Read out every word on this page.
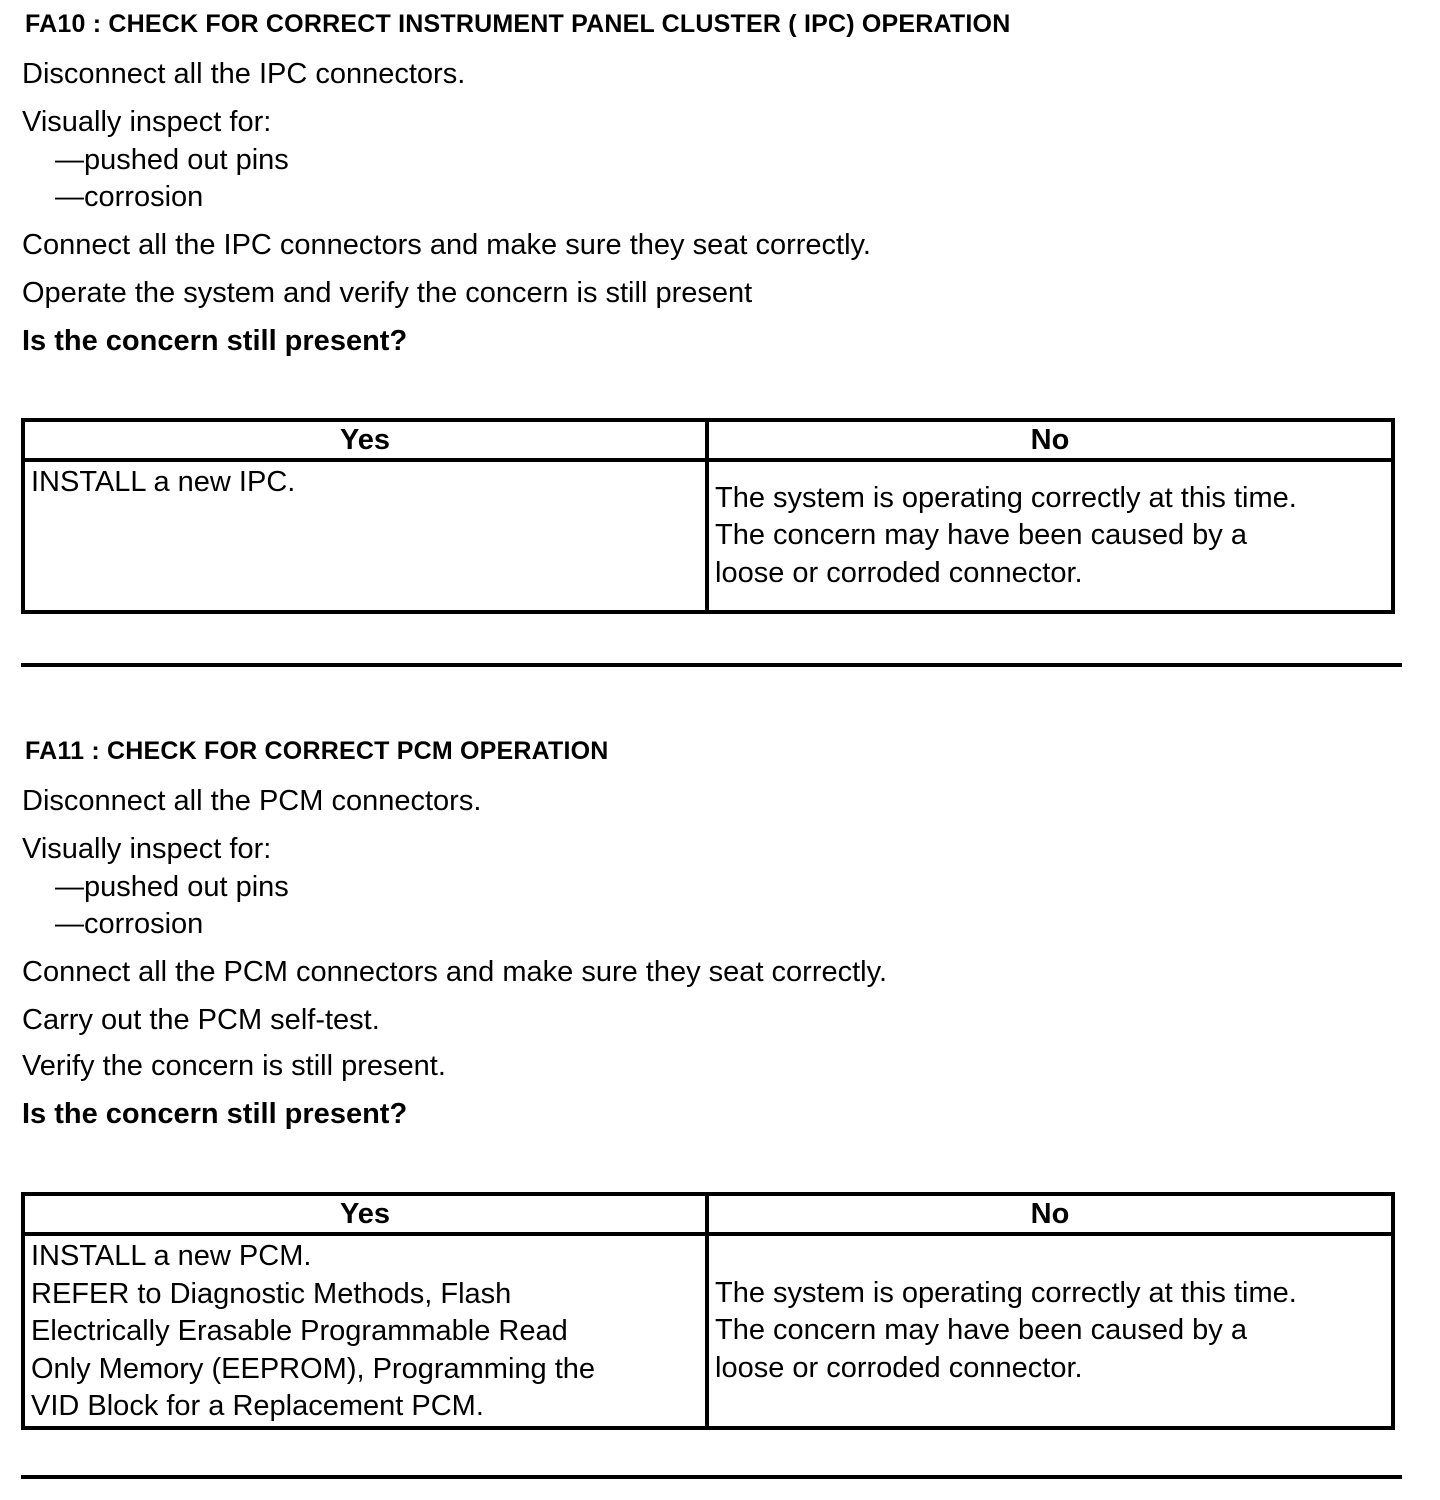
FA10 : CHECK FOR CORRECT INSTRUMENT PANEL CLUSTER ( IPC) OPERATION
Disconnect all the IPC connectors.
Visually inspect for:
—pushed out pins
—corrosion
Connect all the IPC connectors and make sure they seat correctly.
Operate the system and verify the concern is still present
Is the concern still present?
Yes	No

INSTALL a new IPC.	The system is operating correctly at this time.
The concern may have been caused by a
loose or corroded connector.
FA11 : CHECK FOR CORRECT PCM OPERATION
Disconnect all the PCM connectors.
Visually inspect for:
—pushed out pins
—corrosion
Connect all the PCM connectors and make sure they seat correctly.
Carry out the PCM self-test.
Verify the concern is still present.
Is the concern still present?
Yes	No

INSTALL a new PCM.
REFER to Diagnostic Methods, Flash
Electrically Erasable Programmable Read
Only Memory (EEPROM), Programming the
VID Block for a Replacement PCM.	The system is operating correctly at this time.
The concern may have been caused by a
loose or corroded connector.
